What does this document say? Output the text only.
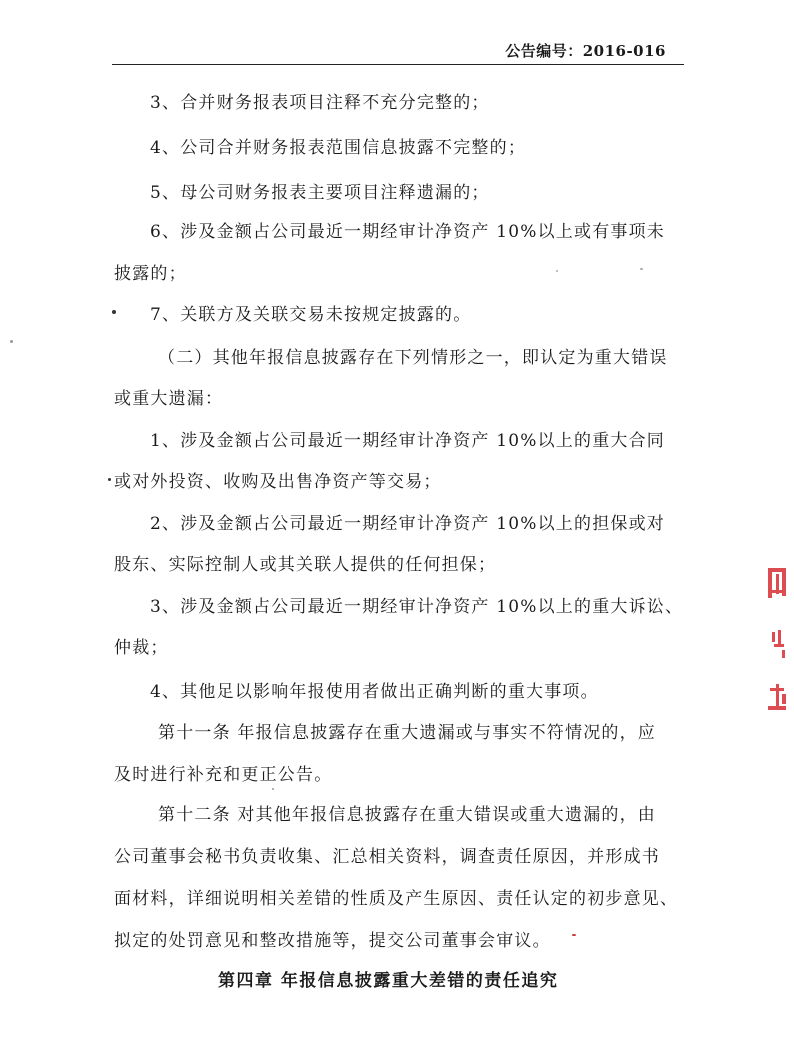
公告编号：2016-016
3、合并财务报表项目注释不充分完整的；
4、公司合并财务报表范围信息披露不完整的；
5、母公司财务报表主要项目注释遗漏的；
6、涉及金额占公司最近一期经审计净资产 10%以上或有事项未
披露的；
7、关联方及关联交易未按规定披露的。
（二）其他年报信息披露存在下列情形之一，即认定为重大错误
或重大遗漏：
1、涉及金额占公司最近一期经审计净资产 10%以上的重大合同
或对外投资、收购及出售净资产等交易；
2、涉及金额占公司最近一期经审计净资产 10%以上的担保或对
股东、实际控制人或其关联人提供的任何担保；
3、涉及金额占公司最近一期经审计净资产 10%以上的重大诉讼、
仲裁；
4、其他足以影响年报使用者做出正确判断的重大事项。
第十一条 年报信息披露存在重大遗漏或与事实不符情况的，应
及时进行补充和更正公告。
第十二条 对其他年报信息披露存在重大错误或重大遗漏的，由
公司董事会秘书负责收集、汇总相关资料，调查责任原因，并形成书
面材料，详细说明相关差错的性质及产生原因、责任认定的初步意见、
拟定的处罚意见和整改措施等，提交公司董事会审议。
第四章 年报信息披露重大差错的责任追究
